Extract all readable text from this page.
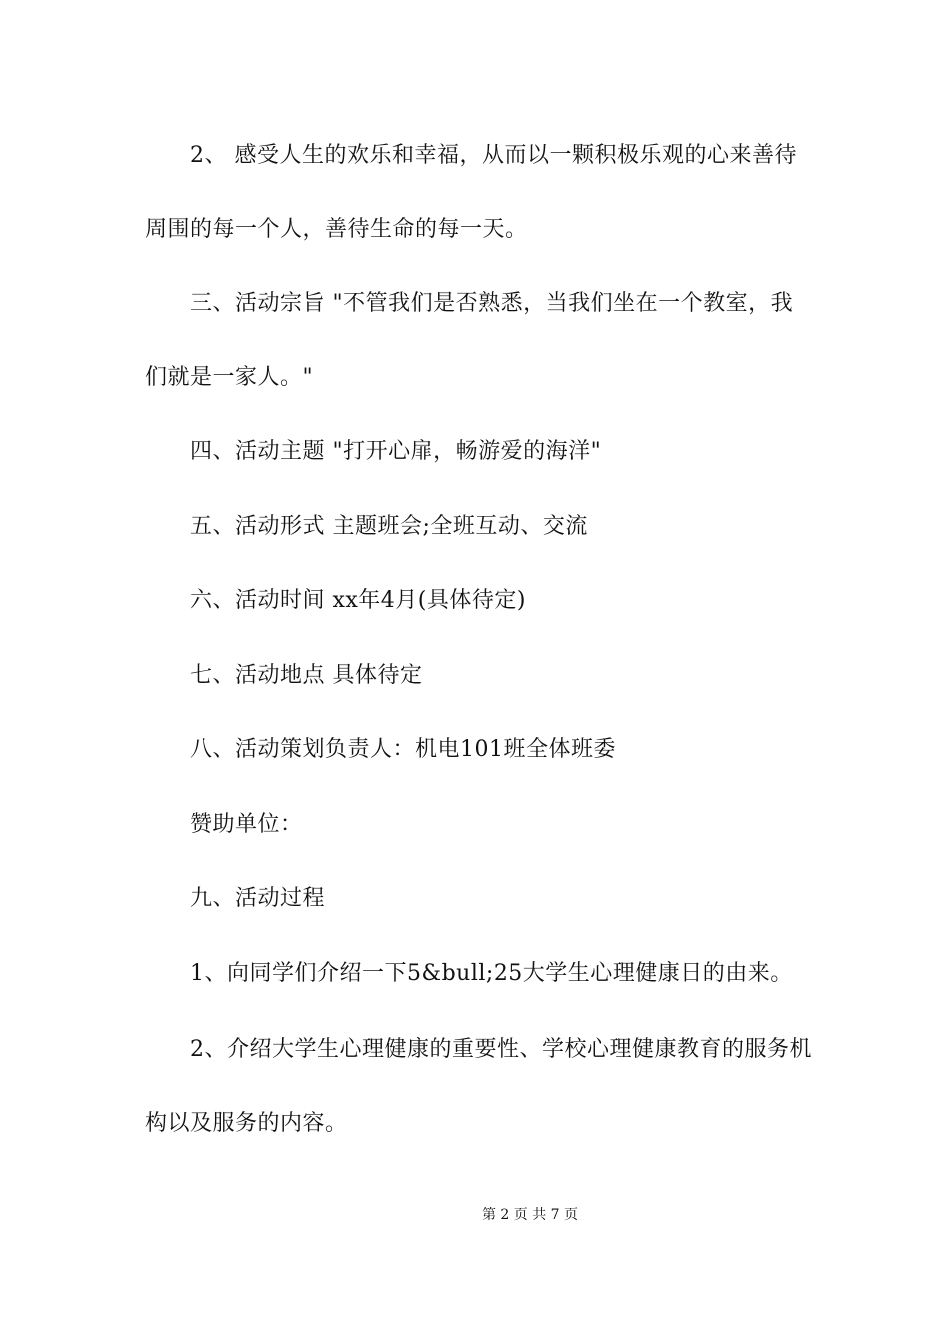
2、 感受人生的欢乐和幸福，从而以一颗积极乐观的心来善待
周围的每一个人，善待生命的每一天。
三、活动宗旨 "不管我们是否熟悉，当我们坐在一个教室，我
们就是一家人。"
四、活动主题 "打开心扉，畅游爱的海洋"
五、活动形式 主题班会;全班互动、交流
六、活动时间 xx年4月(具体待定)
七、活动地点 具体待定
八、活动策划负责人：机电101班全体班委
赞助单位：
九、活动过程
1、向同学们介绍一下5&bull;25大学生心理健康日的由来。
2、介绍大学生心理健康的重要性、学校心理健康教育的服务机
构以及服务的内容。
第 2 页 共 7 页
